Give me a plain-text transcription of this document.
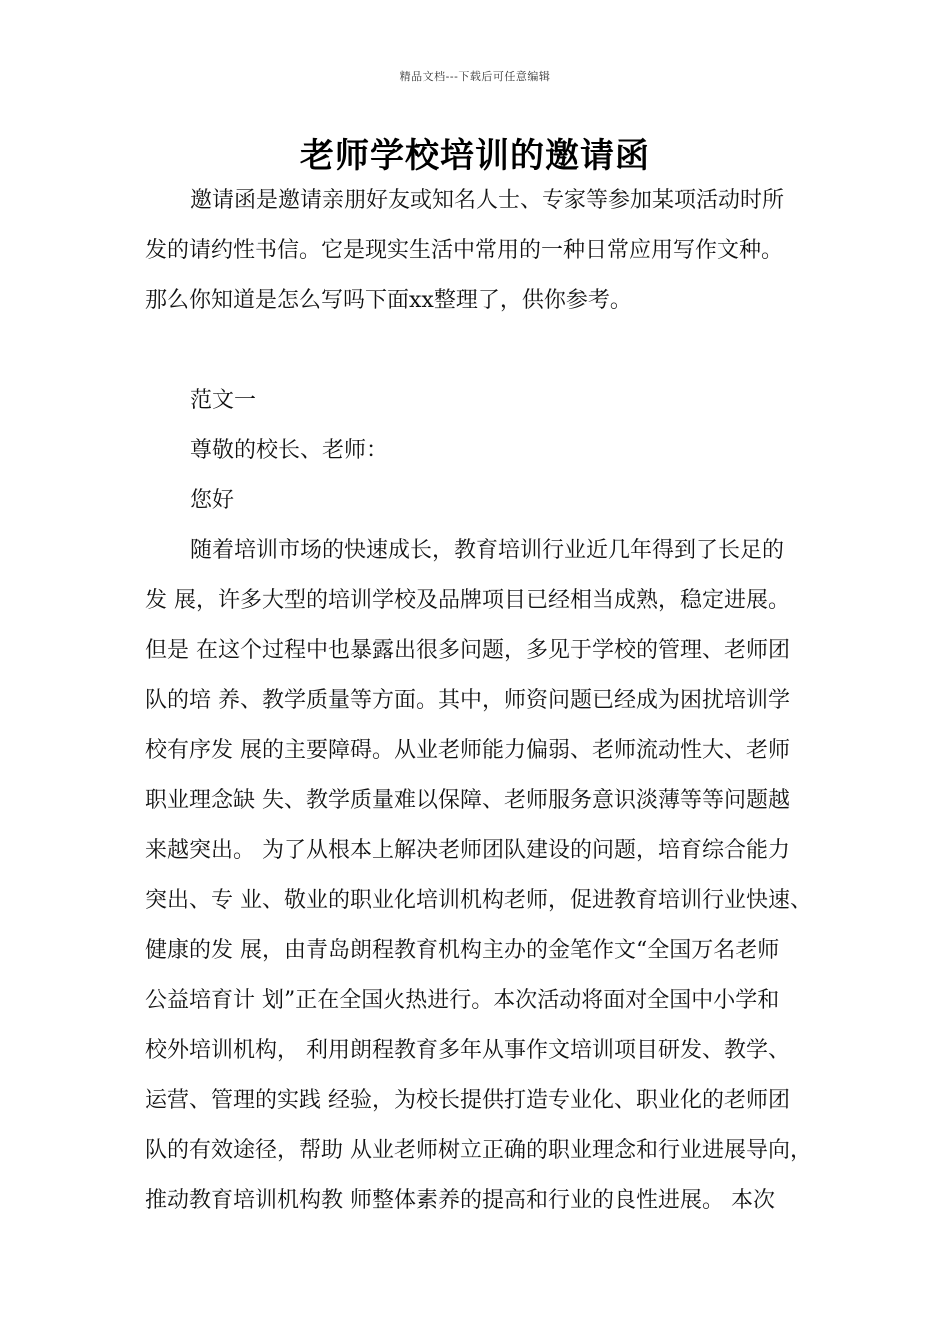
精品文档---下载后可任意编辑
老师学校培训的邀请函
邀请函是邀请亲朋好友或知名人士、专家等参加某项活动时所
发的请约性书信。它是现实生活中常用的一种日常应用写作文种。
那么你知道是怎么写吗下面xx整理了，供你参考。
范文一
尊敬的校长、老师：
您好
随着培训市场的快速成长，教育培训行业近几年得到了长足的
发 展，许多大型的培训学校及品牌项目已经相当成熟，稳定进展。
但是 在这个过程中也暴露出很多问题，多见于学校的管理、老师团
队的培 养、教学质量等方面。其中，师资问题已经成为困扰培训学
校有序发 展的主要障碍。从业老师能力偏弱、老师流动性大、老师
职业理念缺 失、教学质量难以保障、老师服务意识淡薄等等问题越
来越突出。 为了从根本上解决老师团队建设的问题，培育综合能力
突出、专 业、敬业的职业化培训机构老师，促进教育培训行业快速、
健康的发 展，由青岛朗程教育机构主办的金笔作文“全国万名老师
公益培育计 划”正在全国火热进行。本次活动将面对全国中小学和
校外培训机构， 利用朗程教育多年从事作文培训项目研发、教学、
运营、管理的实践 经验，为校长提供打造专业化、职业化的老师团
队的有效途径，帮助 从业老师树立正确的职业理念和行业进展导向，
推动教育培训机构教 师整体素养的提高和行业的良性进展。 本次
